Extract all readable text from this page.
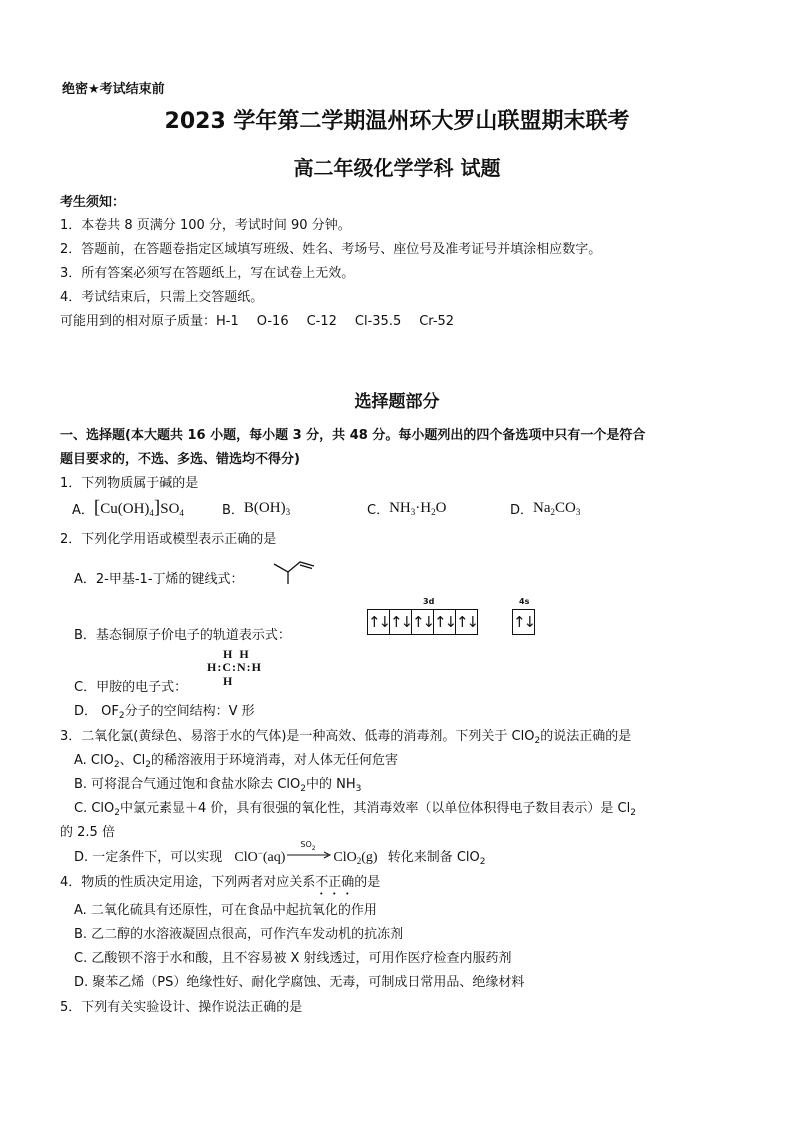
绝密★考试结束前
2023 学年第二学期温州环大罗山联盟期末联考
高二年级化学学科 试题
考生须知：
1．本卷共 8 页满分 100 分，考试时间 90 分钟。
2．答题前，在答题卷指定区域填写班级、姓名、考场号、座位号及准考证号并填涂相应数字。
3．所有答案必须写在答题纸上，写在试卷上无效。
4．考试结束后，只需上交答题纸。
可能用到的相对原子质量：H-1 O-16 C-12 Cl-35.5 Cr-52
选择题部分
一、选择题(本大题共 16 小题，每小题 3 分，共 48 分。每小题列出的四个备选项中只有一个是符合
题目要求的，不选、多选、错选均不得分)
1．下列物质属于碱的是
A． $[Cu(OH)_4]SO_4$	B． $B(OH)_3$	C． $NH_3\cdot H_2O$	D． $Na_2CO_3$
2．下列化学用语或模型表示正确的是
A．2-甲基-1-丁烯的键线式：
B．基态铜原子价电子的轨道表示式：
3d	4s
↑↓ ↑↓ ↑↓ ↑↓ ↑↓ ↑↓
H H
H:C:N:H
H
C．甲胺的电子式：
D． $OF_2$分子的空间结构：V 形
3．二氧化氯(黄绿色、易溶于水的气体)是一种高效、低毒的消毒剂。下列关于 ClO$_2$的说法正确的是
A. ClO$_2$、$Cl_2$的稀溶液用于环境消毒，对人体无任何危害
B. 可将混合气通过饱和食盐水除去 ClO$_2$中的 $NH_3$
C. ClO$_2$中氯元素显＋4 价，具有很强的氧化性，其消毒效率（以单位体积得电子数目表示）是 $Cl_2$
的 2.5 倍
D. 一定条件下，可以实现 ClO−(aq)
$SO_2$
ClO$_2$(g) 转化来制备 ClO$_2$
4．物质的性质决定用途，下列两者对应关系不正确的是
A. 二氧化硫具有还原性，可在食品中起抗氧化的作用
B. 乙二醇的水溶液凝固点很高，可作汽车发动机的抗冻剂
C. 乙酸钡不溶于水和酸，且不容易被 X 射线透过，可用作医疗检查内服药剂
D. 聚苯乙烯（PS）绝缘性好、耐化学腐蚀、无毒，可制成日常用品、绝缘材料
5．下列有关实验设计、操作说法正确的是
